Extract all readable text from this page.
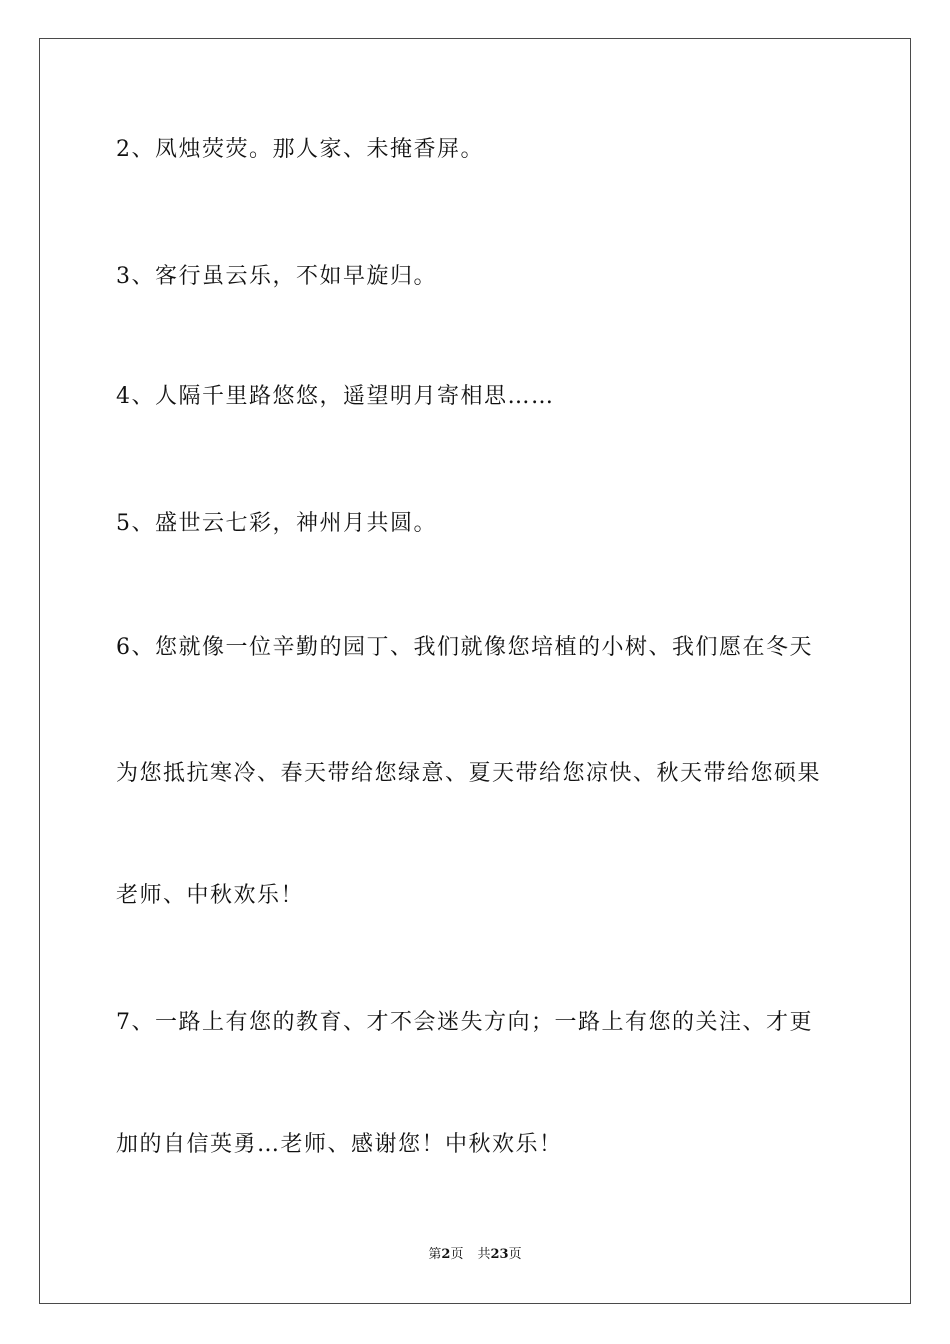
2、凤烛荧荧。那人家、未掩香屏。
3、客行虽云乐，不如早旋归。
4、人隔千里路悠悠，遥望明月寄相思……
5、盛世云七彩，神州月共圆。
6、您就像一位辛勤的园丁、我们就像您培植的小树、我们愿在冬天
为您抵抗寒冷、春天带给您绿意、夏天带给您凉快、秋天带给您硕果
老师、中秋欢乐！
7、一路上有您的教育、才不会迷失方向；一路上有您的关注、才更
加的自信英勇…老师、感谢您！中秋欢乐！
第2页 共23页
